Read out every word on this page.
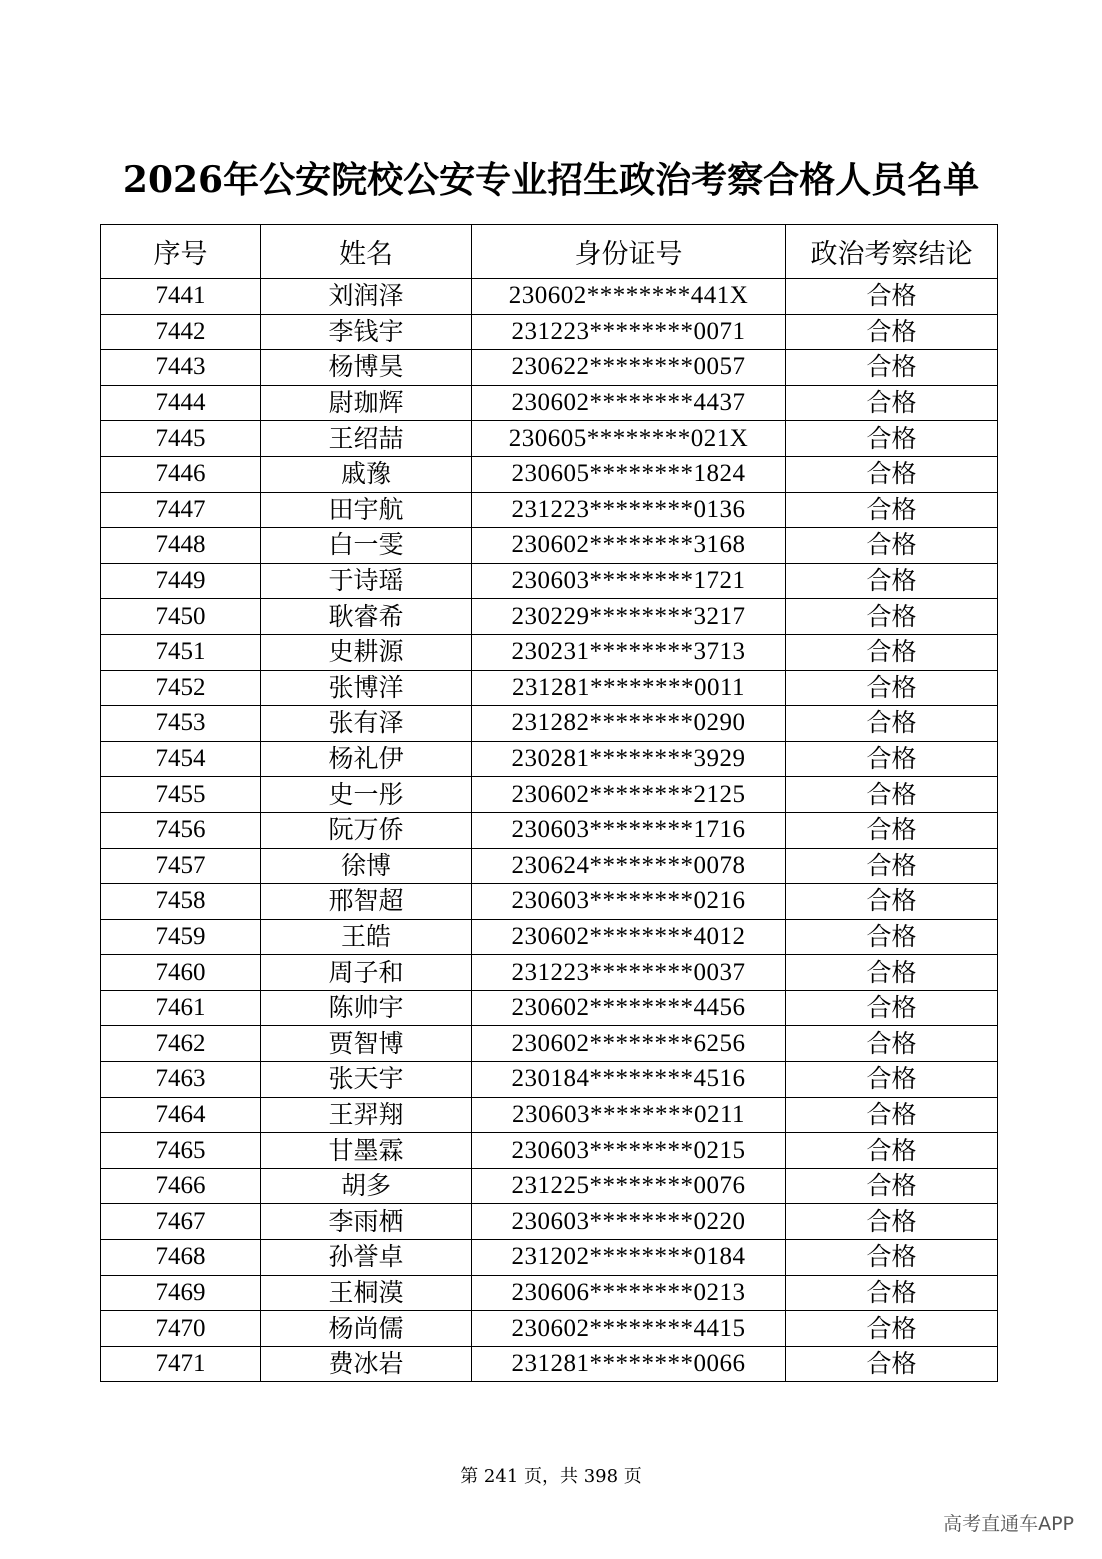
2026年公安院校公安专业招生政治考察合格人员名单
序号	姓名	身份证号	政治考察结论
7441	刘润泽	230602********441X	合格
7442	李钱宇	231223********0071	合格
7443	杨博昊	230622********0057	合格
7444	尉珈辉	230602********4437	合格
7445	王绍喆	230605********021X	合格
7446	戚豫	230605********1824	合格
7447	田宇航	231223********0136	合格
7448	白一雯	230602********3168	合格
7449	于诗瑶	230603********1721	合格
7450	耿睿希	230229********3217	合格
7451	史耕源	230231********3713	合格
7452	张博洋	231281********0011	合格
7453	张有泽	231282********0290	合格
7454	杨礼伊	230281********3929	合格
7455	史一彤	230602********2125	合格
7456	阮万侨	230603********1716	合格
7457	徐博	230624********0078	合格
7458	邢智超	230603********0216	合格
7459	王皓	230602********4012	合格
7460	周子和	231223********0037	合格
7461	陈帅宇	230602********4456	合格
7462	贾智博	230602********6256	合格
7463	张天宇	230184********4516	合格
7464	王羿翔	230603********0211	合格
7465	甘墨霖	230603********0215	合格
7466	胡多	231225********0076	合格
7467	李雨栖	230603********0220	合格
7468	孙誉卓	231202********0184	合格
7469	王桐漠	230606********0213	合格
7470	杨尚儒	230602********4415	合格
7471	费冰岩	231281********0066	合格
第 241 页，共 398 页
高考直通车APP
